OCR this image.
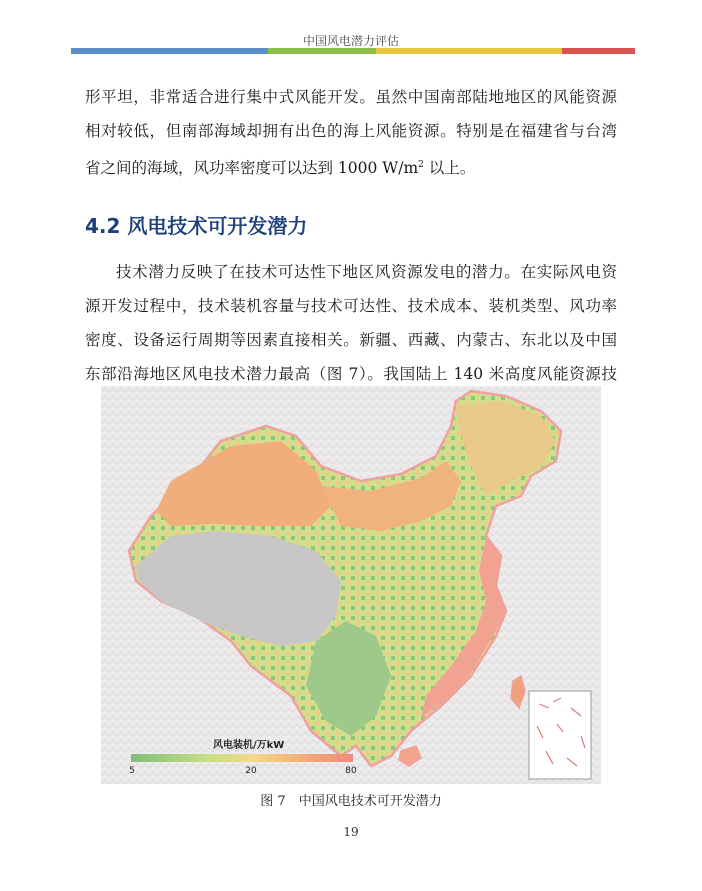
中国风电潜力评估
形平坦，非常适合进行集中式风能开发。虽然中国南部陆地地区的风能资源
相对较低，但南部海域却拥有出色的海上风能资源。特别是在福建省与台湾
省之间的海域，风功率密度可以达到 1000 $W/m^2$ 以上。
4.2 风电技术可开发潜力
技术潜力反映了在技术可达性下地区风资源发电的潜力。在实际风电资
源开发过程中，技术装机容量与技术可达性、技术成本、装机类型、风功率
密度、设备运行周期等因素直接相关。新疆、西藏、内蒙古、东北以及中国
东部沿海地区风电技术潜力最高（图 7）。我国陆上 140 米高度风能资源技
风电装机/万kW
5	20	80
图 7　中国风电技术可开发潜力
19
